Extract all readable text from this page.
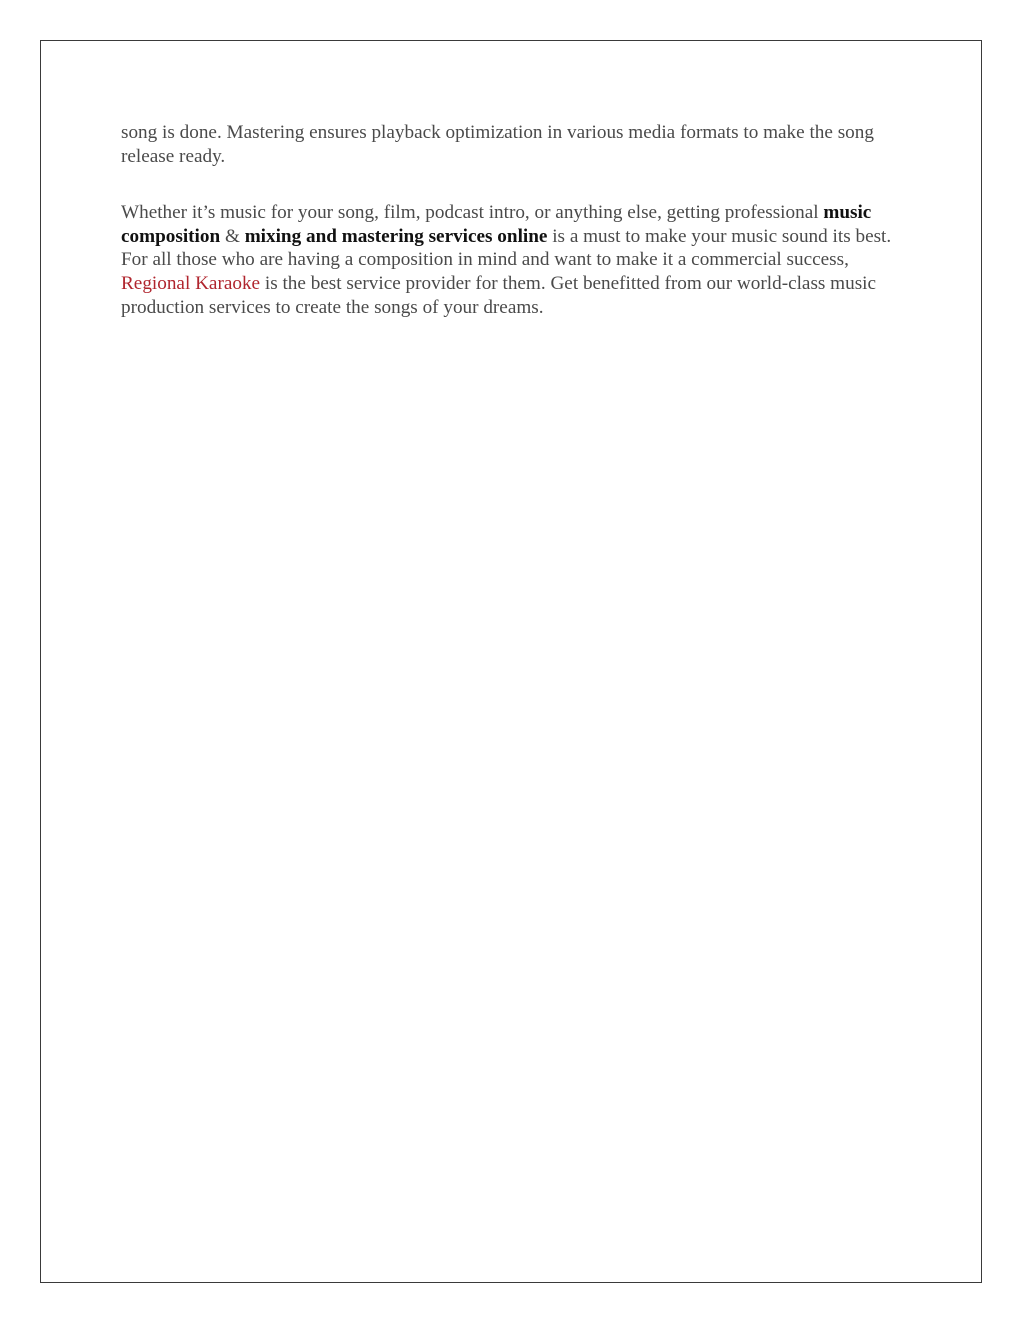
song is done. Mastering ensures playback optimization in various media formats to make the song release ready.

Whether it’s music for your song, film, podcast intro, or anything else, getting professional music composition & mixing and mastering services online is a must to make your music sound its best. For all those who are having a composition in mind and want to make it a commercial success, Regional Karaoke is the best service provider for them. Get benefitted from our world-class music production services to create the songs of your dreams.
